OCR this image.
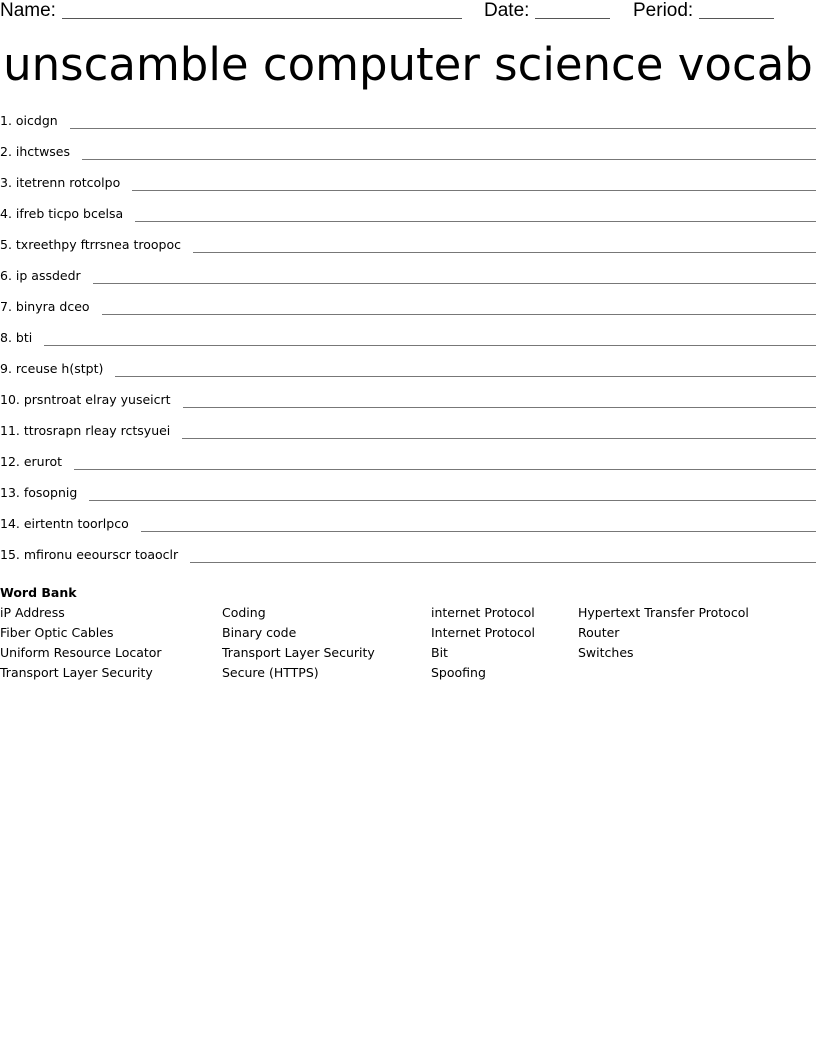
Name:	Date:	Period:
unscamble computer science vocab
1. oicdgn
2. ihctwses
3. itetrenn rotcolpo
4. ifreb ticpo bcelsa
5. txreethpy ftrrsnea troopoc
6. ip assdedr
7. binyra dceo
8. bti
9. rceuse h(stpt)
10. prsntroat elray yuseicrt
11. ttrosrapn rleay rctsyuei
12. erurot
13. fosopnig
14. eirtentn toorlpco
15. mfironu eeourscr toaoclr
Word Bank
iP Address
Fiber Optic Cables
Uniform Resource Locator
Transport Layer Security
Coding
Binary code
Transport Layer Security
Secure (HTTPS)
internet Protocol
Internet Protocol
Bit
Spoofing
Hypertext Transfer Protocol
Router
Switches
